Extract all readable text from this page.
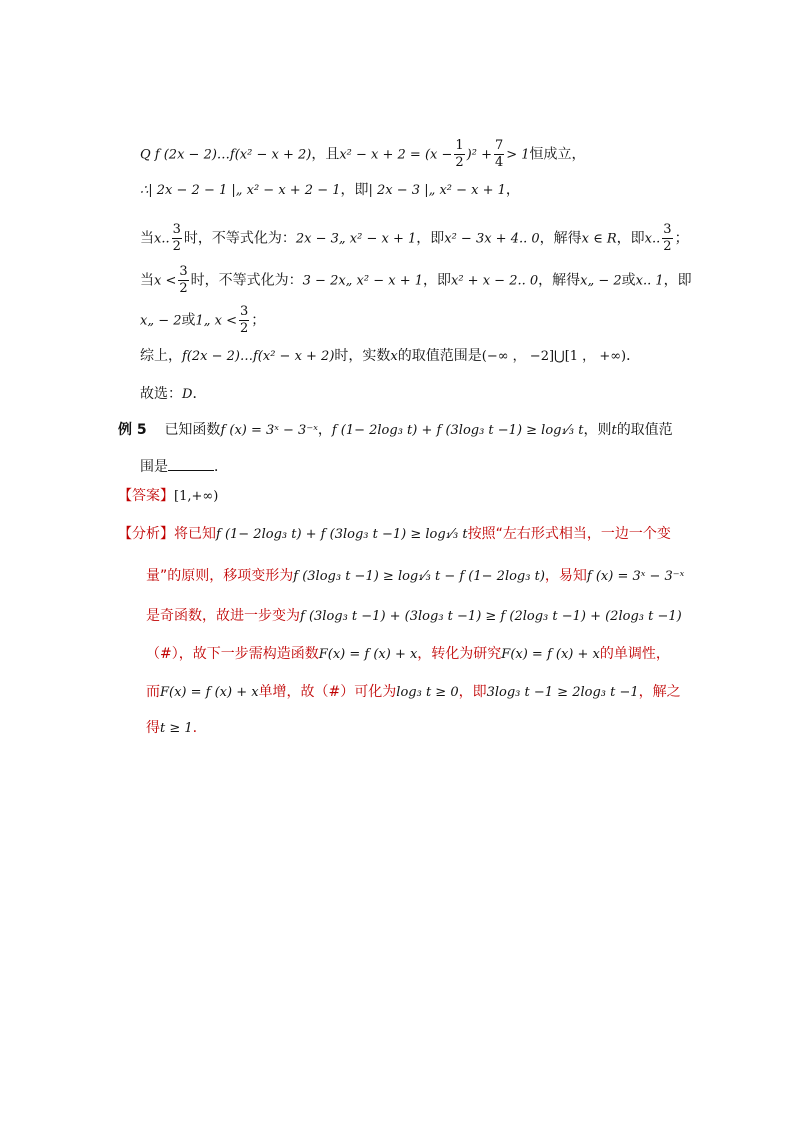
Q f (2x − 2)…f(x² − x + 2)，且$x^2 - x + 2 = (x - \frac{1}{2} )^2 + \frac{7}{4} > 1$恒成立，
∴| 2x − 2 − 1 |„ x² − x + 2 − 1，即| 2x − 3 |„ x² − x + 1，
当x.. $\frac{3}{2}$ 时，不等式化为：2x − 3„ x² − x + 1，即x² − 3x + 4.. 0，解得x ∈ R，即x.. $\frac{3}{2}$ ；
当$x < \frac{3}{2}$ 时，不等式化为：3 − 2x„ x² − x + 1，即x² + x − 2.. 0，解得x„ − 2或x.. 1，即
x„ − 2或1„ $x < \frac{3}{2}$ ；
综上，f(2x − 2)…f(x² − x + 2)时，实数x的取值范围是(−∞ ， −2]⋃[1 ， +∞)．
故选：D．
例 5 已知函数f (x) = 3ˣ − 3⁻ˣ，f (1− 2log₃ t) + f (3log₃ t −1) ≥ log₁⁄₃ t，则t的取值范
围是	．
【答案】[1,+∞)
【分析】将已知f (1− 2log₃ t) + f (3log₃ t −1) ≥ log₁⁄₃ t按照“左右形式相当，一边一个变
量”的原则，移项变形为f (3log₃ t −1) ≥ log₁⁄₃ t − f (1− 2log₃ t)，易知f (x) = 3ˣ − 3⁻ˣ
是奇函数，故进一步变为f (3log₃ t −1) + (3log₃ t −1) ≥ f (2log₃ t −1) + (2log₃ t −1)
（#），故下一步需构造函数F(x) = f (x) + x，转化为研究F(x) = f (x) + x的单调性，
而F(x) = f (x) + x单增，故（#）可化为log₃ t ≥ 0，即3log₃ t −1 ≥ 2log₃ t −1，解之
得t ≥ 1.
